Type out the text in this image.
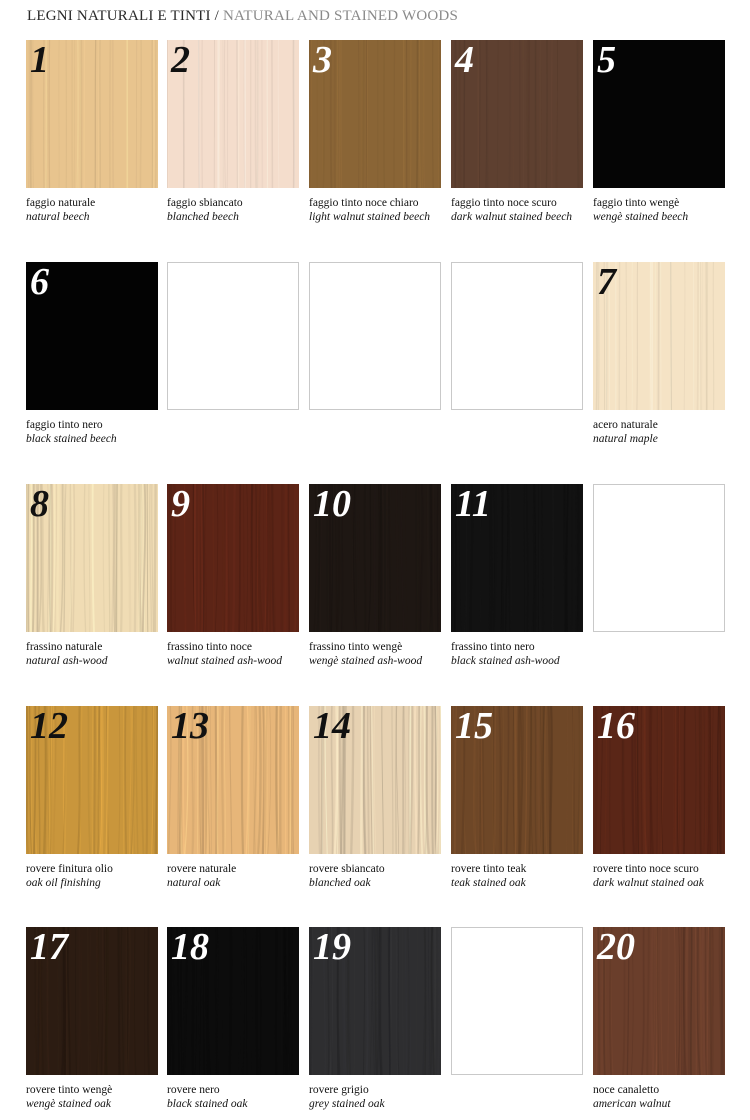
LEGNI NATURALI E TINTI / NATURAL AND STAINED WOODS
1
faggio naturale
natural beech
2
faggio sbiancato
blanched beech
3
faggio tinto noce chiaro
light walnut stained beech
4
faggio tinto noce scuro
dark walnut stained beech
5
faggio tinto wengè
wengè stained beech
6
faggio tinto nero
black stained beech
7
acero naturale
natural maple
8
frassino naturale
natural ash-wood
9
frassino tinto noce
walnut stained ash-wood
10
frassino tinto wengè
wengè stained ash-wood
11
frassino tinto nero
black stained ash-wood
12
rovere finitura olio
oak oil finishing
13
rovere naturale
natural oak
14
rovere sbiancato
blanched oak
15
rovere tinto teak
teak stained oak
16
rovere tinto noce scuro
dark walnut stained oak
17
rovere tinto wengè
wengè stained oak
18
rovere nero
black stained oak
19
rovere grigio
grey stained oak
20
noce canaletto
american walnut
